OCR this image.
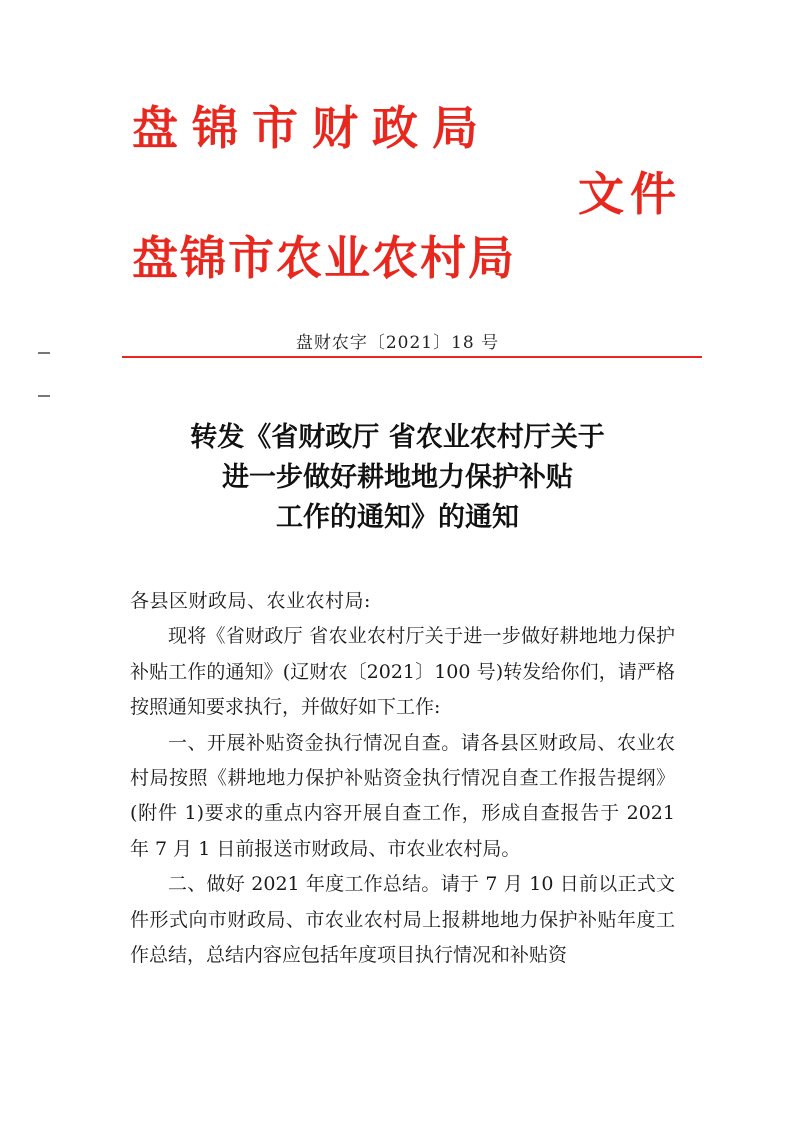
盘锦市财政局
文件
盘锦市农业农村局
盘财农字〔2021〕18 号
转发《省财政厅 省农业农村厅关于
进一步做好耕地地力保护补贴
工作的通知》的通知

各县区财政局、农业农村局:

现将《省财政厅 省农业农村厅关于进一步做好耕地地力保护补贴工作的通知》(辽财农〔2021〕100 号)转发给你们，请严格按照通知要求执行，并做好如下工作:

一、开展补贴资金执行情况自查。请各县区财政局、农业农村局按照《耕地地力保护补贴资金执行情况自查工作报告提纲》(附件 1)要求的重点内容开展自查工作，形成自查报告于 2021 年 7 月 1 日前报送市财政局、市农业农村局。

二、做好 2021 年度工作总结。请于 7 月 10 日前以正式文件形式向市财政局、市农业农村局上报耕地地力保护补贴年度工作总结，总结内容应包括年度项目执行情况和补贴资
